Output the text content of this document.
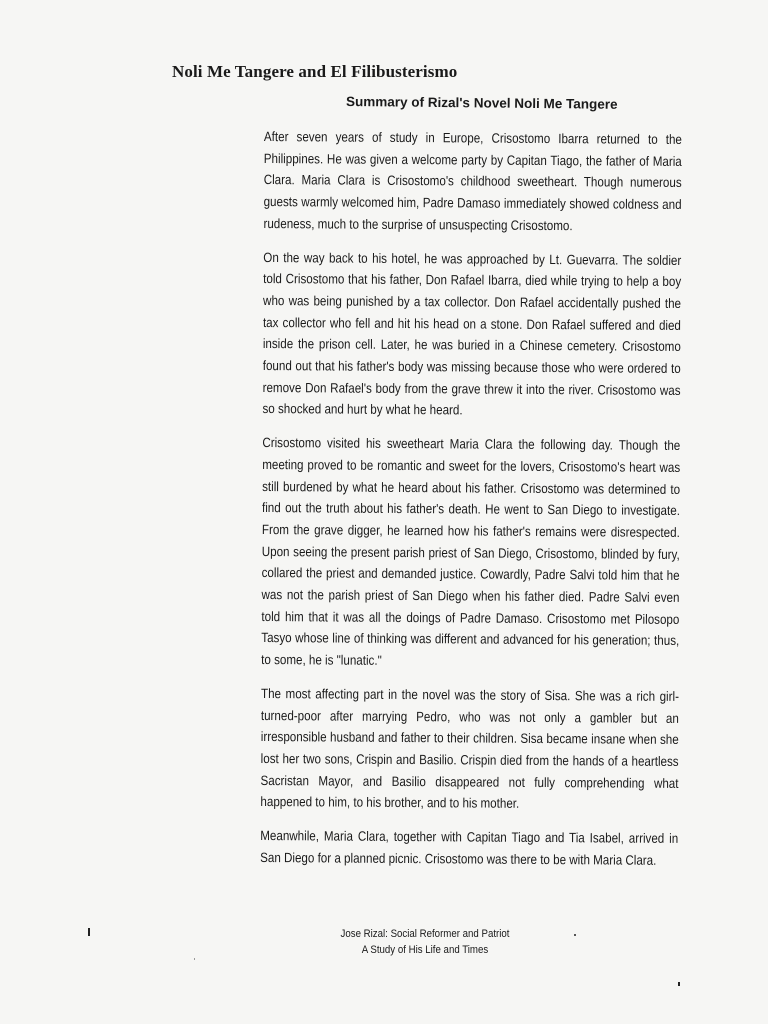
Noli Me Tangere and El Filibusterismo
Summary of Rizal's Novel Noli Me Tangere

After seven years of study in Europe, Crisostomo Ibarra returned to the Philippines. He was given a welcome party by Capitan Tiago, the father of Maria Clara. Maria Clara is Crisostomo's childhood sweetheart. Though numerous guests warmly welcomed him, Padre Damaso immediately showed coldness and rudeness, much to the surprise of unsuspecting Crisostomo.

On the way back to his hotel, he was approached by Lt. Guevarra. The soldier told Crisostomo that his father, Don Rafael Ibarra, died while trying to help a boy who was being punished by a tax collector. Don Rafael accidentally pushed the tax collector who fell and hit his head on a stone. Don Rafael suffered and died inside the prison cell. Later, he was buried in a Chinese cemetery. Crisostomo found out that his father's body was missing because those who were ordered to remove Don Rafael's body from the grave threw it into the river. Crisostomo was so shocked and hurt by what he heard.

Crisostomo visited his sweetheart Maria Clara the following day. Though the meeting proved to be romantic and sweet for the lovers, Crisostomo's heart was still burdened by what he heard about his father. Crisostomo was determined to find out the truth about his father's death. He went to San Diego to investigate. From the grave digger, he learned how his father's remains were disrespected. Upon seeing the present parish priest of San Diego, Crisostomo, blinded by fury, collared the priest and demanded justice. Cowardly, Padre Salvi told him that he was not the parish priest of San Diego when his father died. Padre Salvi even told him that it was all the doings of Padre Damaso. Crisostomo met Pilosopo Tasyo whose line of thinking was different and advanced for his generation; thus, to some, he is "lunatic."

The most affecting part in the novel was the story of Sisa. She was a rich girl-turned-poor after marrying Pedro, who was not only a gambler but an irresponsible husband and father to their children. Sisa became insane when she lost her two sons, Crispin and Basilio. Crispin died from the hands of a heartless Sacristan Mayor, and Basilio disappeared not fully comprehending what happened to him, to his brother, and to his mother.

Meanwhile, Maria Clara, together with Capitan Tiago and Tia Isabel, arrived in San Diego for a planned picnic. Crisostomo was there to be with Maria Clara.

Jose Rizal: Social Reformer and Patriot
A Study of His Life and Times
